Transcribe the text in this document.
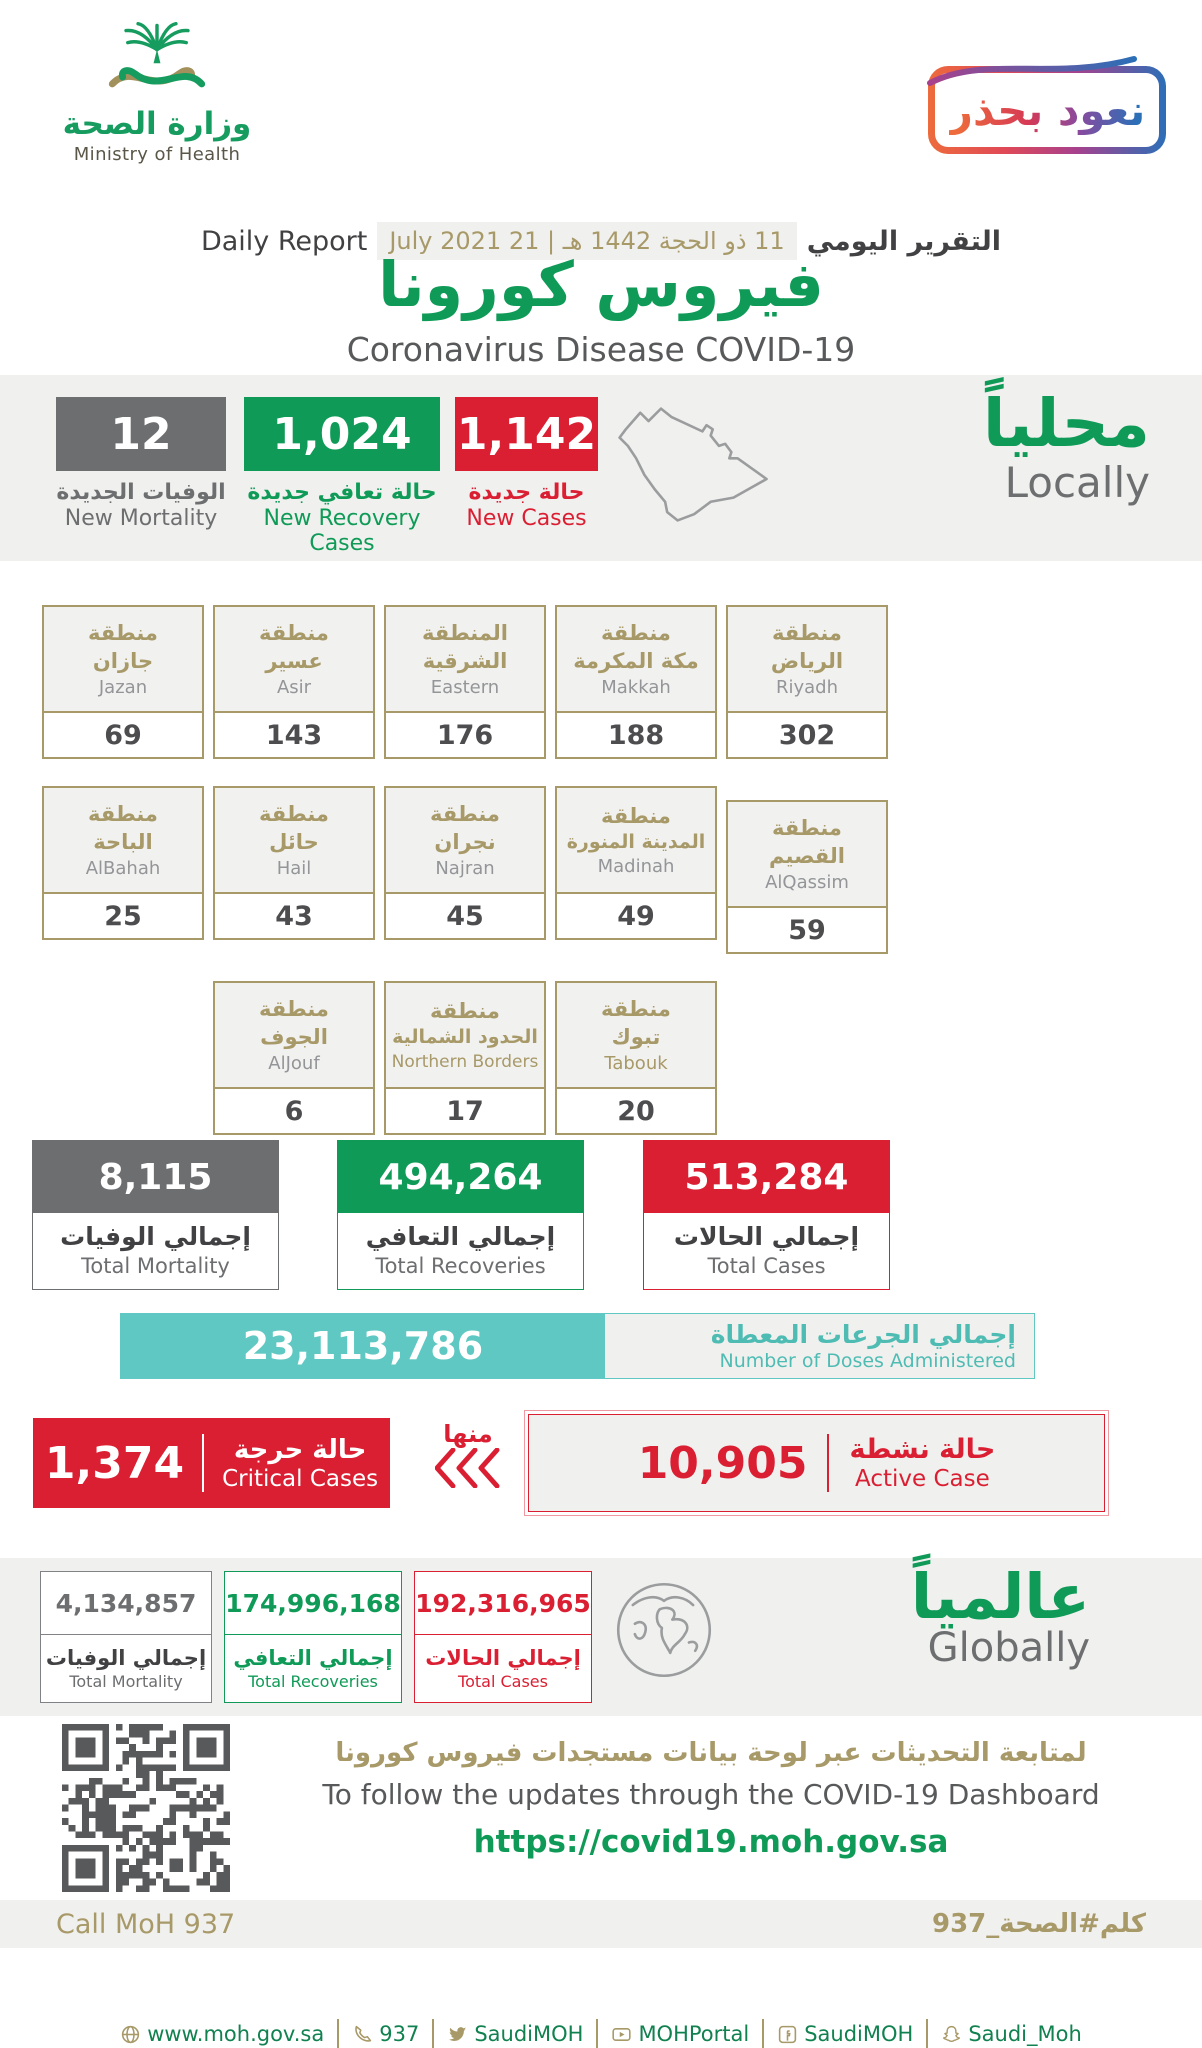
وزارة الصحة
Ministry of Health
نعود بحذر
التقرير اليومي
11 ذو الحجة 1442 هـ | 21 July 2021
Daily Report
فيروس كورونا
Coronavirus Disease COVID-19
12
الوفيات الجديدة
New Mortality
1,024
حالة تعافي جديدة
New Recovery Cases
1,142
حالة جديدة
New Cases
محلياً
Locally
منطقة
جازان
Jazan
69
منطقة
عسير
Asir
143
المنطقة
الشرقية
Eastern
176
منطقة
مكة المكرمة
Makkah
188
منطقة
الرياض
Riyadh
302
منطقة
الباحة
AlBahah
25
منطقة
حائل
Hail
43
منطقة
نجران
Najran
45
منطقة
المدينة المنورة
Madinah
49
منطقة
القصيم
AlQassim
59
منطقة
الجوف
AlJouf
6
منطقة
الحدود الشمالية
Northern Borders
17
منطقة
تبوك
Tabouk
20
8,115
إجمالي الوفيات
Total Mortality
494,264
إجمالي التعافي
Total Recoveries
513,284
إجمالي الحالات
Total Cases
23,113,786	إجمالي الجرعات المعطاة
Number of Doses Administered
1,374	حالة حرجة
Critical Cases
منها
10,905 حالة نشطة
Active Case
4,134,857
إجمالي الوفيات
Total Mortality
174,996,168
إجمالي التعافي
Total Recoveries
192,316,965
إجمالي الحالات
Total Cases
عالمياً
Globally
لمتابعة التحديثات عبر لوحة بيانات مستجدات فيروس كورونا
To follow the updates through the COVID-19 Dashboard
https://covid19.moh.gov.sa
Call MoH 937	كلم#الصحة_937
www.moh.gov.sa	937	SaudiMOH	MOHPortal	SaudiMOH	Saudi_Moh
